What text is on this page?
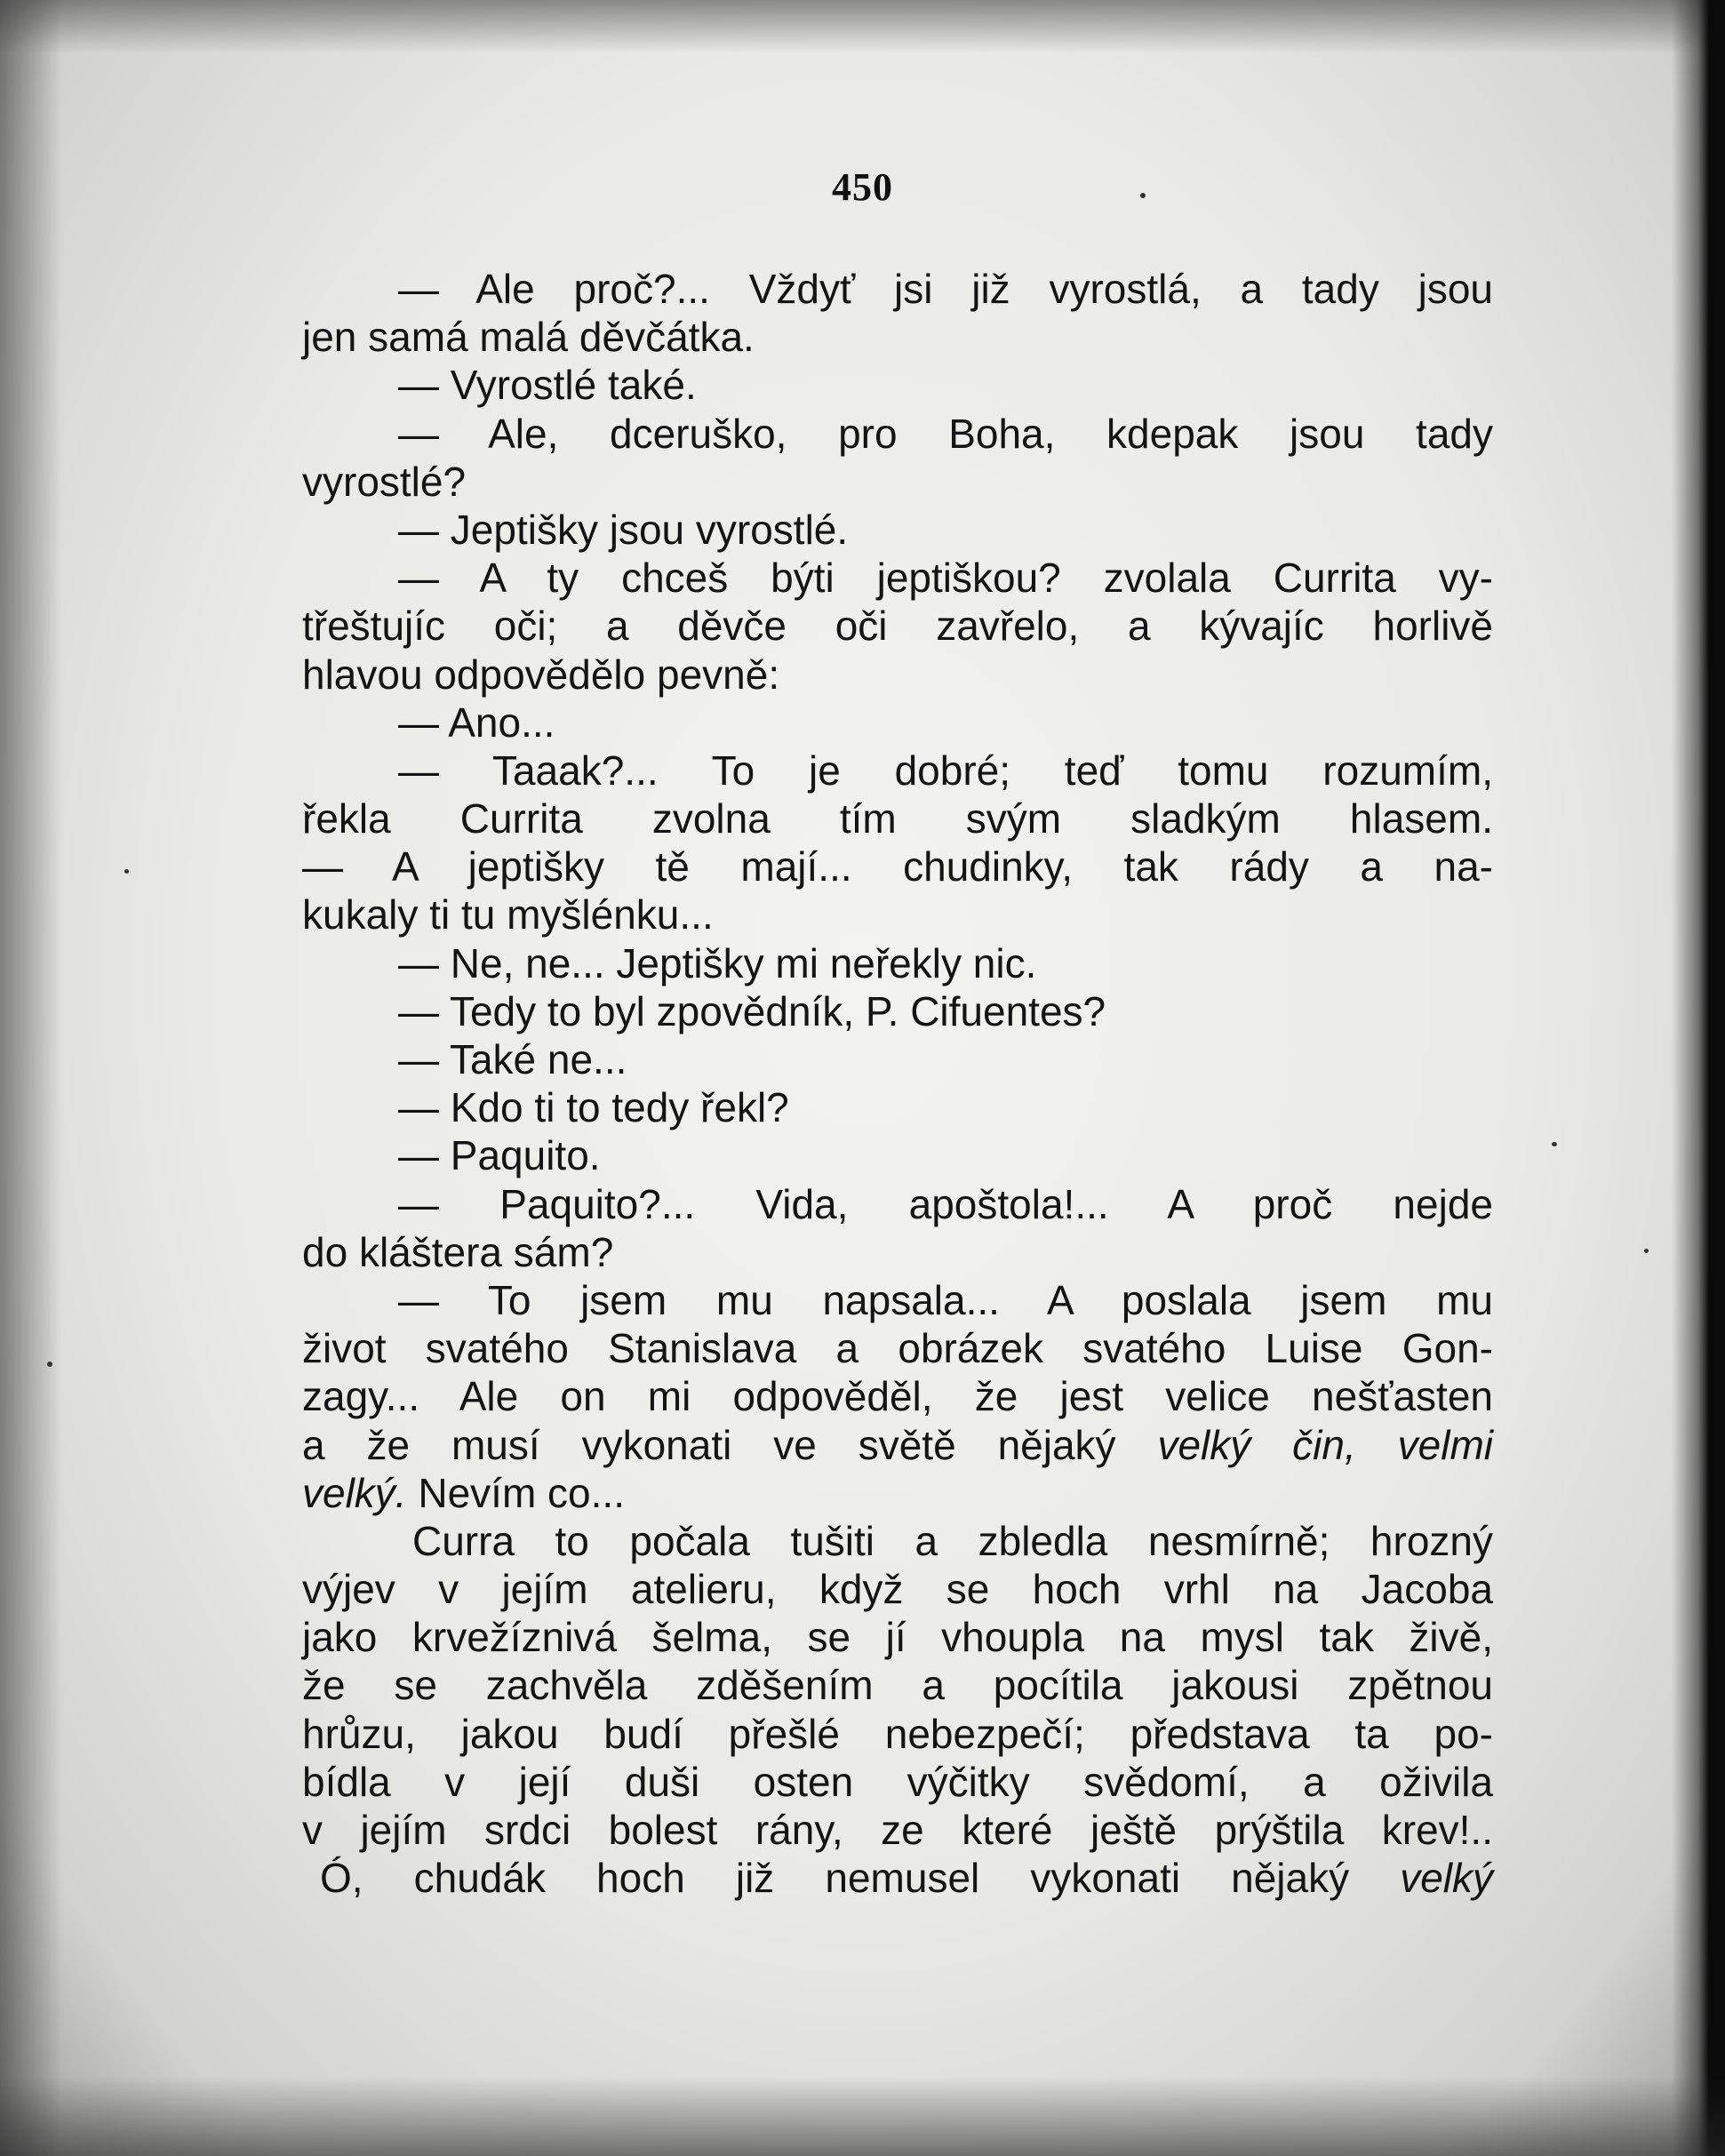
450
— Ale proč?... Vždyť jsi již vyrostlá, a tady jsou
jen samá malá děvčátka.
— Vyrostlé také.
— Ale, dceruško, pro Boha, kdepak jsou tady
vyrostlé?
— Jeptišky jsou vyrostlé.
— A ty chceš býti jeptiškou? zvolala Currita vy-
třeštujíc oči; a děvče oči zavřelo, a kývajíc horlivě
hlavou odpovědělo pevně:
— Ano...
— Taaak?... To je dobré; teď tomu rozumím,
řekla Currita zvolna tím svým sladkým hlasem.
— A jeptišky tě mají... chudinky, tak rády a na-
kukaly ti tu myšlénku...
— Ne, ne... Jeptišky mi neřekly nic.
— Tedy to byl zpovědník, P. Cifuentes?
— Také ne...
— Kdo ti to tedy řekl?
— Paquito.
— Paquito?... Vida, apoštola!... A proč nejde
do kláštera sám?
— To jsem mu napsala... A poslala jsem mu
život svatého Stanislava a obrázek svatého Luise Gon-
zagy... Ale on mi odpověděl, že jest velice nešťasten
a že musí vykonati ve světě nějaký velký čin, velmi
velký. Nevím co...
Curra to počala tušiti a zbledla nesmírně; hrozný
výjev v jejím atelieru, když se hoch vrhl na Jacoba
jako krvežíznivá šelma, se jí vhoupla na mysl tak živě,
že se zachvěla zděšením a pocítila jakousi zpětnou
hrůzu, jakou budí přešlé nebezpečí; představa ta po-
bídla v její duši osten výčitky svědomí, a oživila
v jejím srdci bolest rány, ze které ještě prýštila krev!..
Ó, chudák hoch již nemusel vykonati nějaký velký
